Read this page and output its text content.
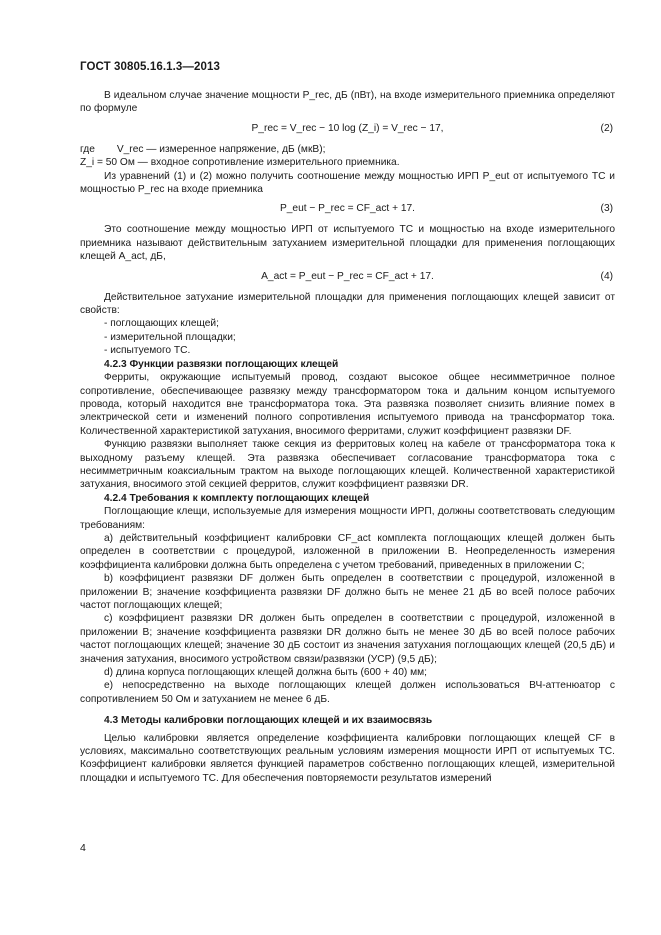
ГОСТ 30805.16.1.3—2013

В идеальном случае значение мощности P_rec, дБ (пВт), на входе измерительного приемника определяют по формуле

P_rec = V_rec − 10 log (Z_i) = V_rec − 17,	(2)
где V_rec — измеренное напряжение, дБ (мкВ);
Z_i = 50 Ом — входное сопротивление измерительного приемника.

Из уравнений (1) и (2) можно получить соотношение между мощностью ИРП P_eut от испытуемого ТС и мощностью P_rec на входе приемника

P_eut − P_rec = CF_act + 17.	(3)

Это соотношение между мощностью ИРП от испытуемого ТС и мощностью на входе измерительного приемника называют действительным затуханием измерительной площадки для применения поглощающих клещей A_act, дБ,

A_act = P_eut − P_rec = CF_act + 17.	(4)

Действительное затухание измерительной площадки для применения поглощающих клещей зависит от свойств:

- поглощающих клещей;

- измерительной площадки;

- испытуемого ТС.

4.2.3 Функции развязки поглощающих клещей

Ферриты, окружающие испытуемый провод, создают высокое общее несимметричное полное сопротивление, обеспечивающее развязку между трансформатором тока и дальним концом испытуемого провода, который находится вне трансформатора тока. Эта развязка позволяет снизить влияние помех в электрической сети и изменений полного сопротивления испытуемого привода на трансформатор тока. Количественной характеристикой затухания, вносимого ферритами, служит коэффициент развязки DF.

Функцию развязки выполняет также секция из ферритовых колец на кабеле от трансформатора тока к выходному разъему клещей. Эта развязка обеспечивает согласование трансформатора тока с несимметричным коаксиальным трактом на выходе поглощающих клещей. Количественной характеристикой затухания, вносимого этой секцией ферритов, служит коэффициент развязки DR.

4.2.4 Требования к комплекту поглощающих клещей

Поглощающие клещи, используемые для измерения мощности ИРП, должны соответствовать следующим требованиям:

а) действительный коэффициент калибровки CF_act комплекта поглощающих клещей должен быть определен в соответствии с процедурой, изложенной в приложении B. Неопределенность измерения коэффициента калибровки должна быть определена с учетом требований, приведенных в приложении C;

b) коэффициент развязки DF должен быть определен в соответствии с процедурой, изложенной в приложении B; значение коэффициента развязки DF должно быть не менее 21 дБ во всей полосе рабочих частот поглощающих клещей;

c) коэффициент развязки DR должен быть определен в соответствии с процедурой, изложенной в приложении B; значение коэффициента развязки DR должно быть не менее 30 дБ во всей полосе рабочих частот поглощающих клещей; значение 30 дБ состоит из значения затухания поглощающих клещей (20,5 дБ) и значения затухания, вносимого устройством связи/развязки (УСР) (9,5 дБ);

d) длина корпуса поглощающих клещей должна быть (600 + 40) мм;

e) непосредственно на выходе поглощающих клещей должен использоваться ВЧ-аттенюатор с сопротивлением 50 Ом и затуханием не менее 6 дБ.

4.3 Методы калибровки поглощающих клещей и их взаимосвязь

Целью калибровки является определение коэффициента калибровки поглощающих клещей CF в условиях, максимально соответствующих реальным условиям измерения мощности ИРП от испытуемых ТС. Коэффициент калибровки является функцией параметров собственно поглощающих клещей, измерительной площадки и испытуемого ТС. Для обеспечения повторяемости результатов измерений

4
